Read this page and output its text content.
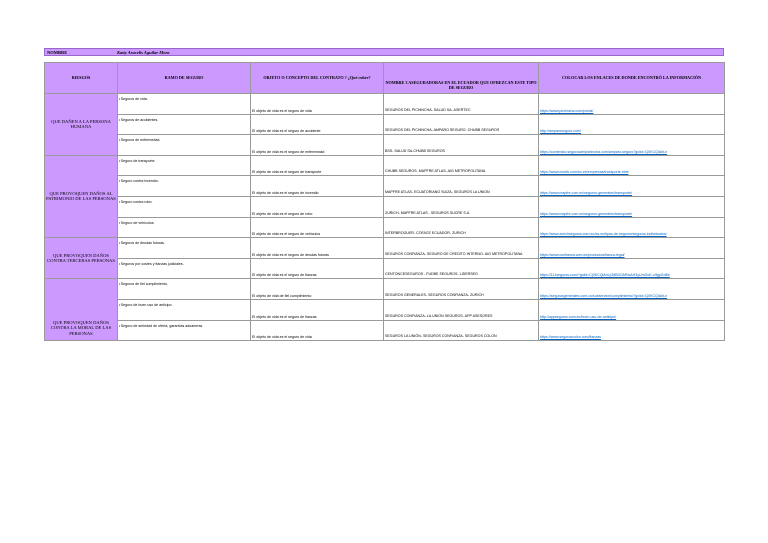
NOMBRE	Katty Aracelis Aguilar Mora
RIESGOS	RAMO DE SEGURO	OBJETO O CONCEPTO DEL CONTRATO ? ¿Qué cubre?	NOMBRE 3 ASEGURADORAS EN EL ECUADOR QUE OFREZCAN ESTE TIPO DE SEGURO	COLOCAR LOS ENLACES DE DONDE ENCONTRÓ LA INFORMACIÓN
QUE DAÑEN A LA PERSONA HUMANA	•Seguros de vida.	El objeto de vida es el seguro de vida	SEGUROS DEL PICHINCHA- SALUD SA- ASERTEC	https://www.pichincha.com/portal/
	•Seguros de accidentes.	El objeto de vida es el seguro de accidente	SEGUROS DEL PICHINCHA- AMPARO SEGURO- CHUBB SEGUROS	http://amparoseguro.com/
	•Seguros de enfermedad.	El objeto de vida es el seguro de enfermedad	BSS- SALUD SA-CHUBB SEGUROS	https://contenido.segurosdelpichincha.com/amparo-seguro?gclid=Cj0KCQiAhLn
QUE PROVOQUEN DAÑOS AL PATRIMONIO DE LAS PERSONAS	•Seguro de transporte.	El objeto de vida es el seguro de transporte	CHUBB SEGUROS- MAPFRE ATLAS- AIG METROPOLITANA	https://www.chubb.com/ec-es/empresas/transporte.html
	•Seguro contra incendio.	El objeto de vida es el seguro de incendio	MAPFRE ATLAS- ECUATORIANO SUIZA- SEGUROS LA UNION	https://www.mapfre.com.ec/seguros-generales/transporte/
	•Seguro contra robo.	El objeto de vida es el seguro de robo	ZURICH- MAPFRE ATLAS - SEGUROS SUCRE S.A.	https://www.mapfre.com.ec/seguros-generales/transporte/
	•Seguro de vehículos.	El objeto de vida es el seguro de vehiculos	INTERBROGUER- COFACE ECUADOR- ZURICH	https://www.zurichseguros.com.ec/es-ec/tipos-de-seguros/seguros-individuales/
QUE PROVOQUEN DAÑOS CONTRA TERCERAS PERSONAS	•Seguros de deudas futuras.	El objeto de vida es el seguro de deudas futuras	SEGUROS CONFIANZA- SEGURO DE CREDITO INTERNO- AIG METROPOLITANA	https://www.confianza.com.ec/productos/fianza-legal/
	•Seguros por costes y fianzas judiciales.	El objeto de vida es el seguro de fianzas	CENTONCESEGUROS - FUDBE SEGUROS- LIDERSEG	https://111seguros.com/?gclid=Cj0KCQiAhLjG8BG0ARIsAH3yUmGoK-cIfgpGdMr
QUE PROVOQUEN DAÑOS CONTRA LA MORAL DE LAS PERSONAS	•Seguros de fiel cumplimiento.	El objeto de vida de fiel cumplimiento	SEGUROS GENERALES- SEGUROS CONFIANZA- ZURICH	https://segurosgenerales.com.co/subservice/cumplimiento/?gclid=Cj0KCQiAhLn
	•Seguro de buen uso de anticipo.	El objeto de vida es el seguro de fianzas	SEGUROS CONFIANZA- LA UNION SEGUROS- APP ASESORES	http://appseguros.com.ec/buen-uso-de-anticipo/
	•Seguro de seriedad de oferta, garantías aduaneras	El objeto de vida es el seguro de vida	SEGUROS LA UNIÓN- SEGUROS CONFIANZA- SEGUROS COLON	https://www.seguroscolon.com/fianzas
